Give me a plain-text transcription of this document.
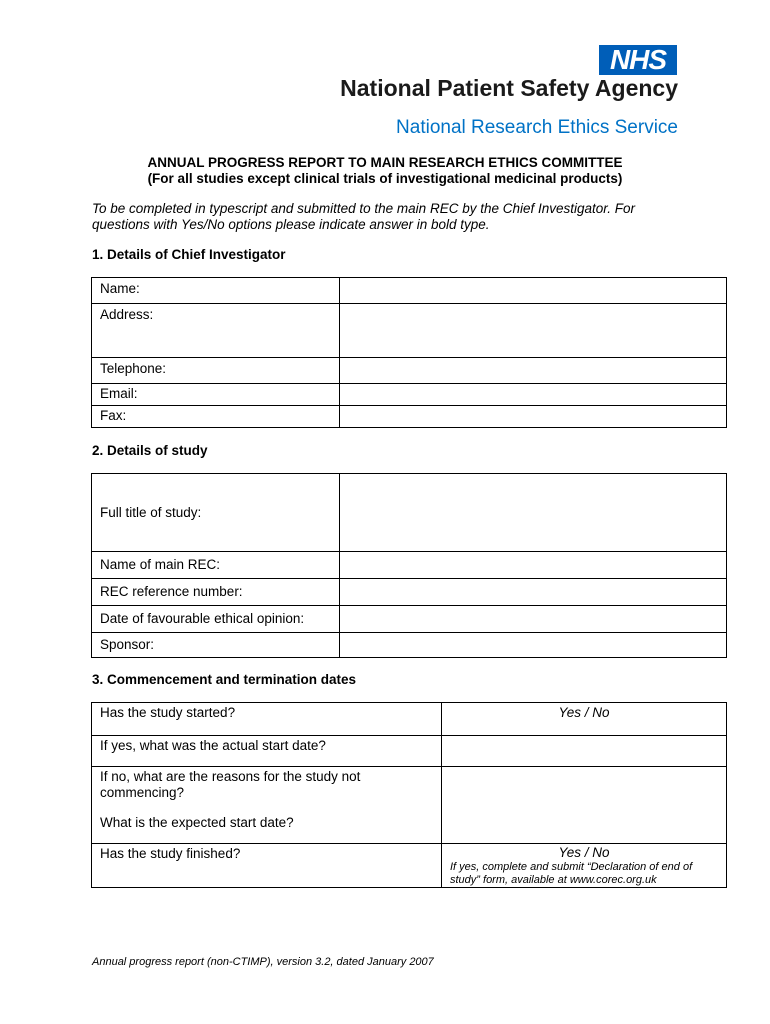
NHS
National Patient Safety Agency
National Research Ethics Service
ANNUAL PROGRESS REPORT TO MAIN RESEARCH ETHICS COMMITTEE
(For all studies except clinical trials of investigational medicinal products)
To be completed in typescript and submitted to the main REC by the Chief Investigator. For questions with Yes/No options please indicate answer in bold type.
1. Details of Chief Investigator
Name:	
Address:	
Telephone:	
Email:	
Fax:	
2. Details of study
Full title of study:	
Name of main REC:	
REC reference number:	
Date of favourable ethical opinion:	
Sponsor:	
3. Commencement and termination dates
Has the study started?	Yes / No
If yes, what was the actual start date?	

If no, what are the reasons for the study not commencing?
What is the expected start date?	

Has the study finished?	Yes / No
If yes, complete and submit “Declaration of end of study” form, available at www.corec.org.uk
Annual progress report (non-CTIMP), version 3.2, dated January 2007
